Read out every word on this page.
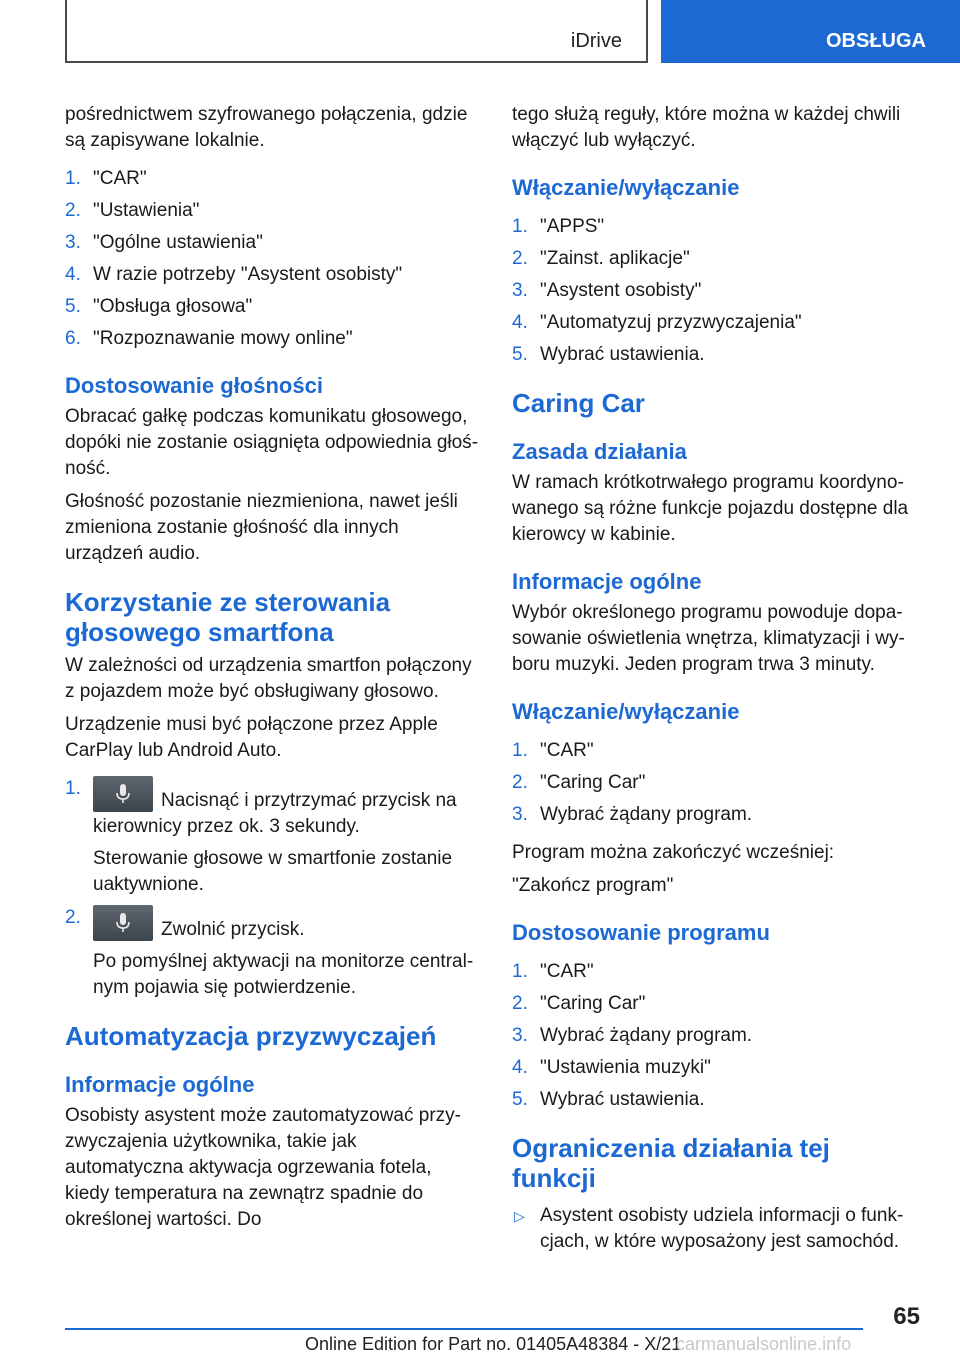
iDrive	OBSŁUGA

pośrednictwem szyfrowanego połączenia, gdzie są zapisywane lokalnie.

1. "CAR"
2. "Ustawienia"
3. "Ogólne ustawienia"
4. W razie potrzeby "Asystent osobisty"
5. "Obsługa głosowa"
6. "Rozpoznawanie mowy online"
Dostosowanie głośności

Obracać gałkę podczas komunikatu głosowego, dopóki nie zostanie osiągnięta odpowiednia głośność.

Głośność pozostanie niezmieniona, nawet jeśli zmieniona zostanie głośność dla innych urządzeń audio.

Korzystanie ze sterowania głosowego smartfona

W zależności od urządzenia smartfon połączony z pojazdem może być obsługiwany głosowo.

Urządzenie musi być połączone przez Apple CarPlay lub Android Auto.

1.
Nacisnąć i przytrzymać przycisk na kierownicy przez ok. 3 sekundy.

Sterowanie głosowe w smartfonie zostanie uaktywnione.

2.
Zwolnić przycisk.

Po pomyślnej aktywacji na monitorze centralnym pojawia się potwierdzenie.

Automatyzacja przyzwyczajeń
Informacje ogólne

Osobisty asystent może zautomatyzować przyzwyczajenia użytkownika, takie jak automatyczna aktywacja ogrzewania fotela, kiedy temperatura na zewnątrz spadnie do określonej wartości. Do

tego służą reguły, które można w każdej chwili włączyć lub wyłączyć.

Włączanie/wyłączanie
1. "APPS"
2. "Zainst. aplikacje"
3. "Asystent osobisty"
4. "Automatyzuj przyzwyczajenia"
5. Wybrać ustawienia.
Caring Car
Zasada działania

W ramach krótkotrwałego programu koordynowanego są różne funkcje pojazdu dostępne dla kierowcy w kabinie.

Informacje ogólne

Wybór określonego programu powoduje dopasowanie oświetlenia wnętrza, klimatyzacji i wyboru muzyki. Jeden program trwa 3 minuty.

Włączanie/wyłączanie
1. "CAR"
2. "Caring Car"
3. Wybrać żądany program.

Program można zakończyć wcześniej:

"Zakończ program"

Dostosowanie programu
1. "CAR"
2. "Caring Car"
3. Wybrać żądany program.
4. "Ustawienia muzyki"
5. Wybrać ustawienia.
Ograniczenia działania tej funkcji
▷ Asystent osobisty udziela informacji o funkcjach, w które wyposażony jest samochód.
65
Online Edition for Part no. 01405A48384 - X/21
carmanualsonline.info
